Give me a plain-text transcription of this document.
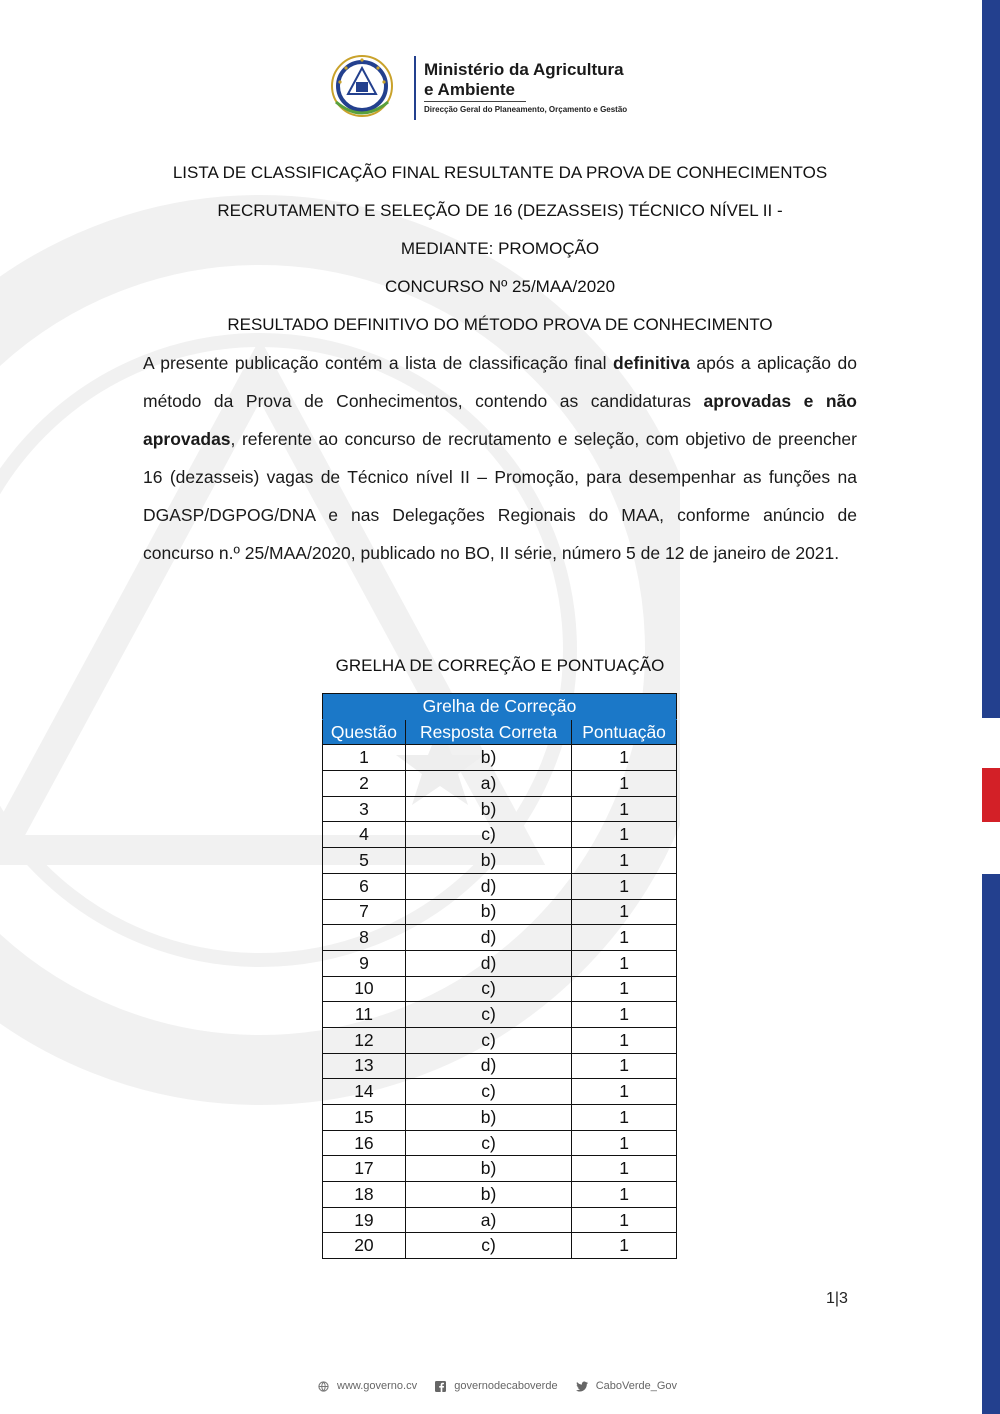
Ministério da Agricultura
e Ambiente
Direcção Geral do Planeamento, Orçamento e Gestão
LISTA DE CLASSIFICAÇÃO FINAL RESULTANTE DA PROVA DE CONHECIMENTOS
RECRUTAMENTO E SELEÇÃO DE 16 (DEZASSEIS) TÉCNICO NÍVEL II -
MEDIANTE: PROMOÇÃO
CONCURSO Nº 25/MAA/2020
RESULTADO DEFINITIVO DO MÉTODO PROVA DE CONHECIMENTO
A presente publicação contém a lista de classificação final definitiva após a aplicação do método da Prova de Conhecimentos, contendo as candidaturas aprovadas e não aprovadas, referente ao concurso de recrutamento e seleção, com objetivo de preencher 16 (dezasseis) vagas de Técnico nível II – Promoção, para desempenhar as funções na DGASP/DGPOG/DNA e nas Delegações Regionais do MAA, conforme anúncio de concurso n.º 25/MAA/2020, publicado no BO, II série, número 5 de 12 de janeiro de 2021.
GRELHA DE CORREÇÃO E PONTUAÇÃO
Grelha de Correção		
Questão	Resposta Correta	Pontuação
1	b)	1
2	a)	1
3	b)	1
4	c)	1
5	b)	1
6	d)	1
7	b)	1
8	d)	1
9	d)	1
10	c)	1
11	c)	1
12	c)	1
13	d)	1
14	c)	1
15	b)	1
16	c)	1
17	b)	1
18	b)	1
19	a)	1
20	c)	1
1|3
www.governo.cv	governodecaboverde	CaboVerde_Gov
